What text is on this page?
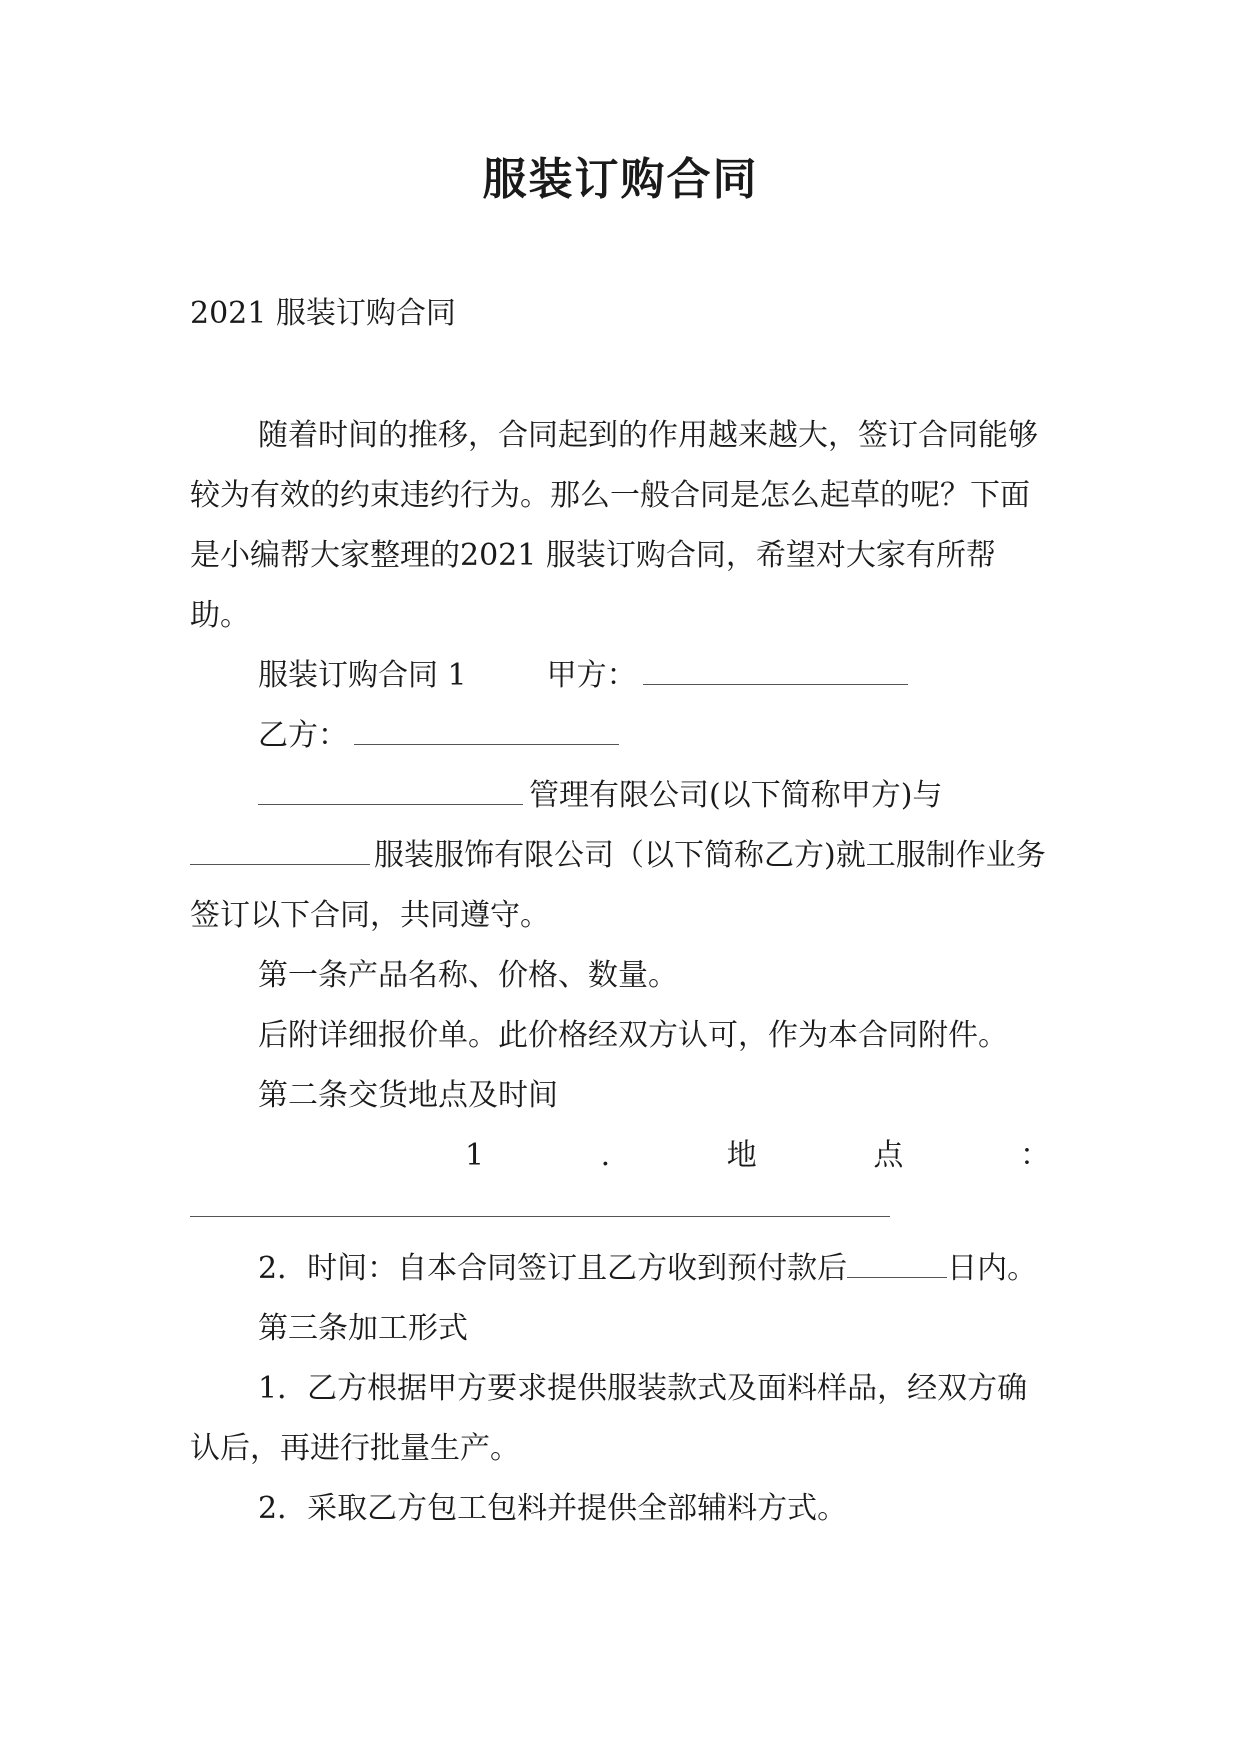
服装订购合同
2021 服装订购合同

随着时间的推移，合同起到的作用越来越大，签订合同能够较为有效的约束违约行为。那么一般合同是怎么起草的呢？下面是小编帮大家整理的2021 服装订购合同，希望对大家有所帮助。

服装订购合同 1	甲方：

乙方：

管理有限公司(以下简称甲方)与

服装服饰有限公司（以下简称乙方)就工服制作业务签订以下合同，共同遵守。

第一条产品名称、价格、数量。

后附详细报价单。此价格经双方认可，作为本合同附件。

第二条交货地点及时间

1	.	地	点	：

2．时间：自本合同签订且乙方收到预付款后	日内。

第三条加工形式

1．乙方根据甲方要求提供服装款式及面料样品，经双方确认后，再进行批量生产。

2．采取乙方包工包料并提供全部辅料方式。
